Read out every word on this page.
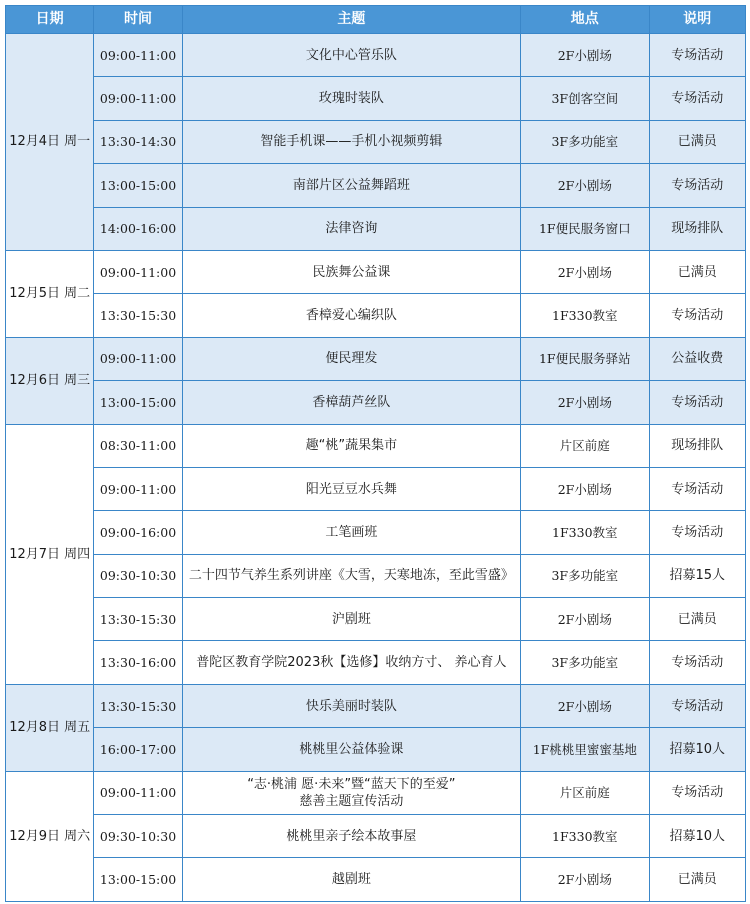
日期	时间	主题	地点	说明
12月4日 周一	09:00-11:00	文化中心管乐队	2F小剧场	专场活动
	09:00-11:00	玫瑰时装队	3F创客空间	专场活动
	13:30-14:30	智能手机课——手机小视频剪辑	3F多功能室	已满员
	13:00-15:00	南部片区公益舞蹈班	2F小剧场	专场活动
	14:00-16:00	法律咨询	1F便民服务窗口	现场排队
12月5日 周二	09:00-11:00	民族舞公益课	2F小剧场	已满员
	13:30-15:30	香樟爱心编织队	1F330教室	专场活动
12月6日 周三	09:00-11:00	便民理发	1F便民服务驿站	公益收费
	13:00-15:00	香樟葫芦丝队	2F小剧场	专场活动
12月7日 周四	08:30-11:00	趣“桃”蔬果集市	片区前庭	现场排队
	09:00-11:00	阳光豆豆水兵舞	2F小剧场	专场活动
	09:00-16:00	工笔画班	1F330教室	专场活动
	09:30-10:30	二十四节气养生系列讲座《大雪，天寒地冻，至此雪盛》	3F多功能室	招募15人
	13:30-15:30	沪剧班	2F小剧场	已满员
	13:30-16:00	普陀区教育学院2023秋【选修】收纳方寸、 养心育人	3F多功能室	专场活动
12月8日 周五	13:30-15:30	快乐美丽时装队	2F小剧场	专场活动
	16:00-17:00	桃桃里公益体验课	1F桃桃里蜜蜜基地	招募10人
12月9日 周六	09:00-11:00	“志·桃浦 愿·未来”暨“蓝天下的至爱”
慈善主题宣传活动	片区前庭	专场活动
	09:30-10:30	桃桃里亲子绘本故事屋	1F330教室	招募10人
	13:00-15:00	越剧班	2F小剧场	已满员
